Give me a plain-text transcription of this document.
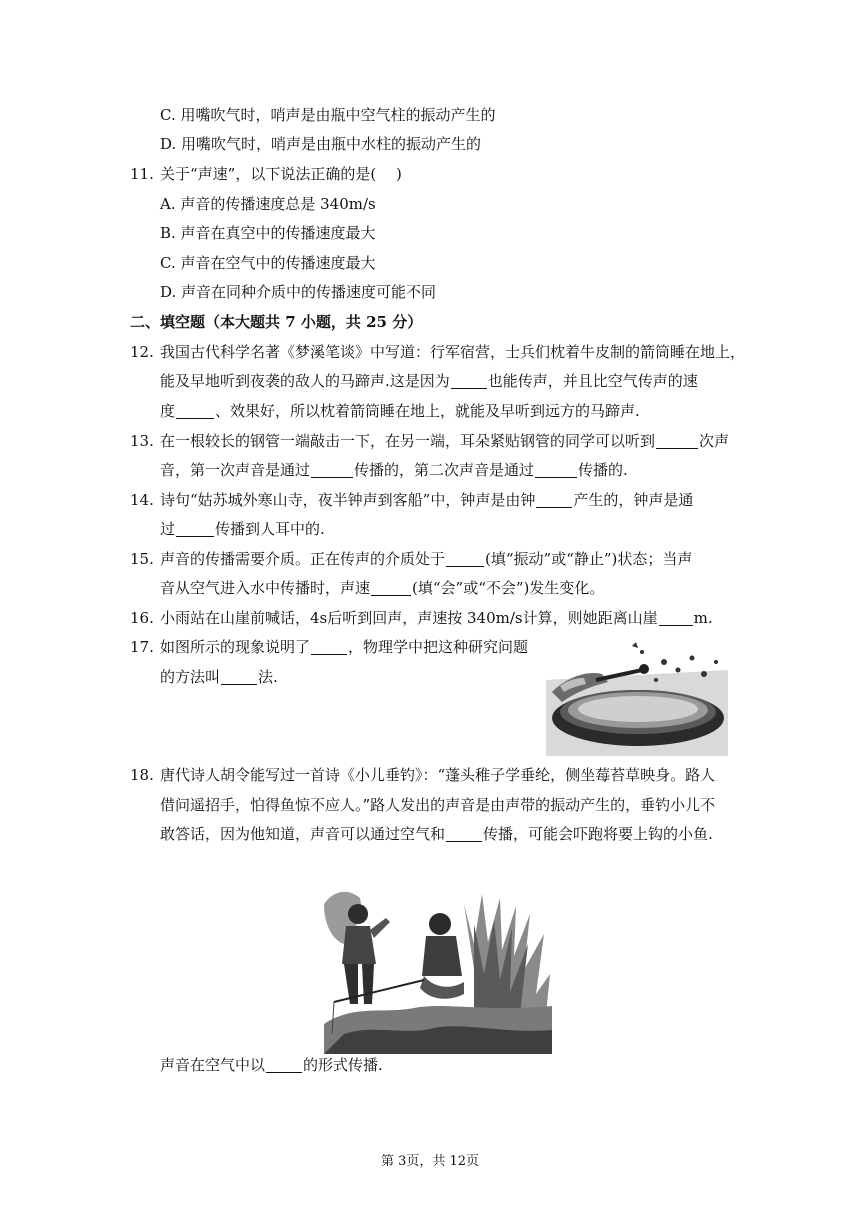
C. 用嘴吹气时，哨声是由瓶中空气柱的振动产生的
D. 用嘴吹气时，哨声是由瓶中水柱的振动产生的
11. 关于“声速”，以下说法正确的是(　 )
A. 声音的传播速度总是 340m/s
B. 声音在真空中的传播速度最大
C. 声音在空气中的传播速度最大
D. 声音在同种介质中的传播速度可能不同
二、填空题（本大题共 7 小题，共 25 分）
12. 我国古代科学名著《梦溪笔谈》中写道：行军宿营，士兵们枕着牛皮制的箭筒睡在地上，
能及早地听到夜袭的敌人的马蹄声.这是因为	也能传声，并且比空气传声的速
度	、效果好，所以枕着箭筒睡在地上，就能及早听到远方的马蹄声.
13. 在一根较长的钢管一端敲击一下，在另一端，耳朵紧贴钢管的同学可以听到	次声
音，第一次声音是通过	传播的，第二次声音是通过	传播的.
14. 诗句“姑苏城外寒山寺，夜半钟声到客船”中，钟声是由钟	产生的，钟声是通
过	传播到人耳中的.
15. 声音的传播需要介质。正在传声的介质处于	(填“振动”或“静止”)状态；当声
音从空气进入水中传播时，声速	(填“会”或“不会”)发生变化。
16. 小雨站在山崖前喊话，4s后听到回声，声速按 340m/s计算，则她距离山崖 m.
17. 如图所示的现象说明了	，物理学中把这种研究问题
的方法叫	法.
18. 唐代诗人胡令能写过一首诗《小儿垂钓》：“蓬头稚子学垂纶，侧坐莓苔草映身。路人
借问遥招手，怕得鱼惊不应人。”路人发出的声音是由声带的振动产生的，垂钓小儿不
敢答话，因为他知道，声音可以通过空气和	传播，可能会吓跑将要上钩的小鱼.
声音在空气中以	的形式传播.
第 3页，共 12页
